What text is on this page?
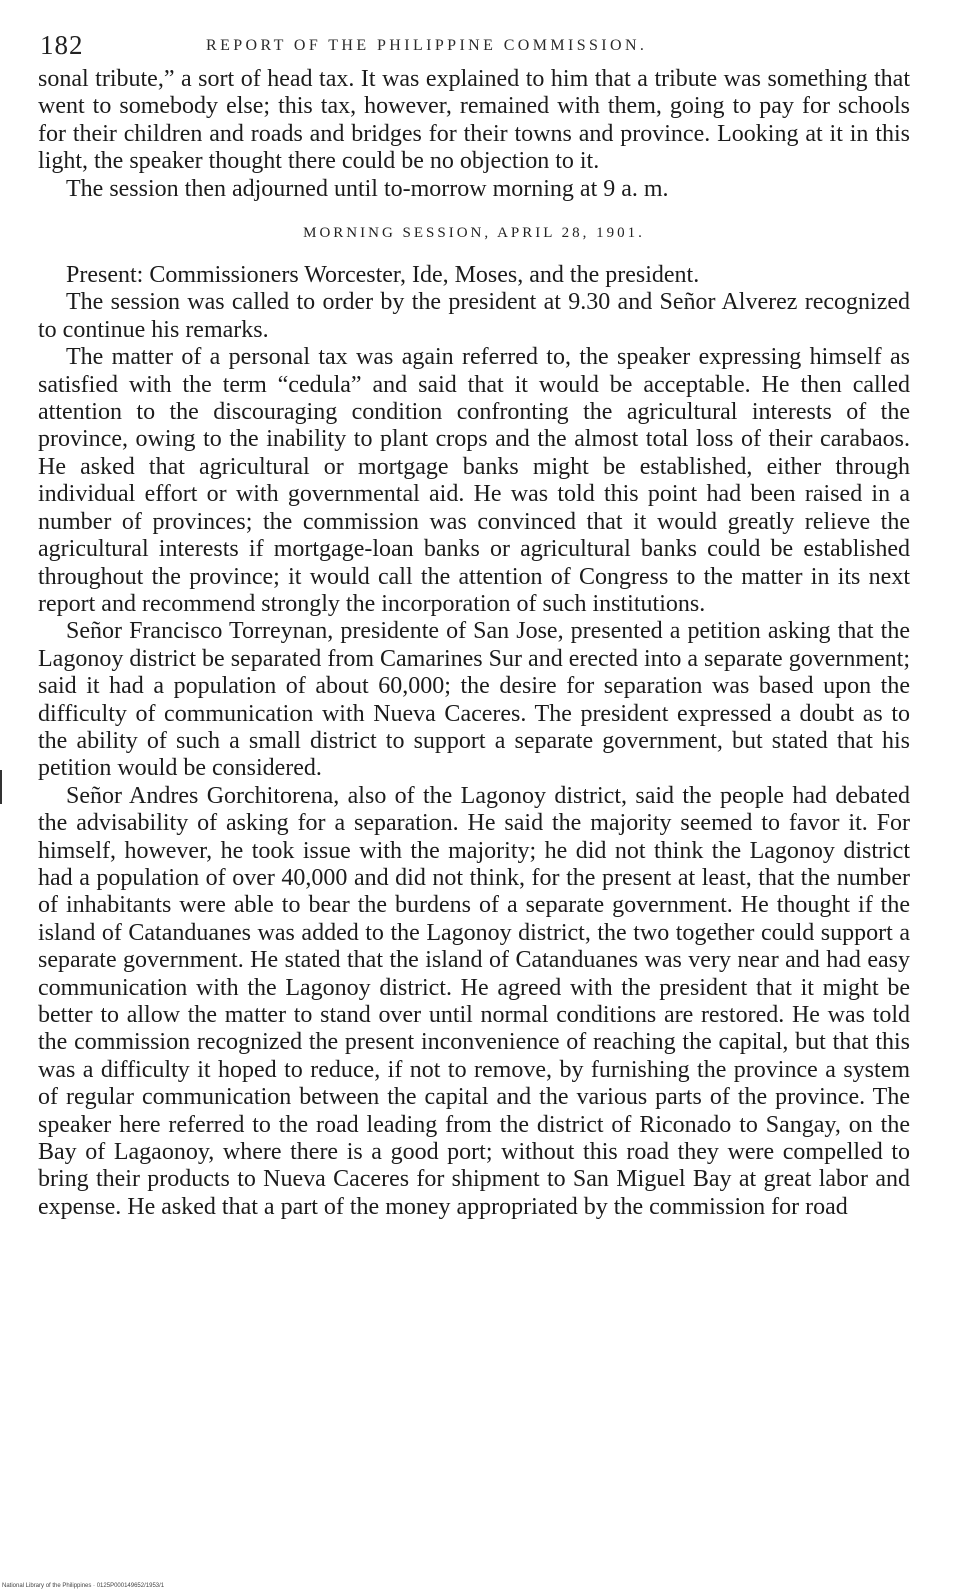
182	REPORT OF THE PHILIPPINE COMMISSION.

sonal tribute,” a sort of head tax. It was explained to him that a tribute was something that went to somebody else; this tax, however, remained with them, going to pay for schools for their children and roads and bridges for their towns and province. Looking at it in this light, the speaker thought there could be no objection to it.

The session then adjourned until to-morrow morning at 9 a. m.

MORNING SESSION, APRIL 28, 1901.

Present: Commissioners Worcester, Ide, Moses, and the president.

The session was called to order by the president at 9.30 and Señor Alverez recognized to continue his remarks.

The matter of a personal tax was again referred to, the speaker expressing himself as satisfied with the term “cedula” and said that it would be acceptable. He then called attention to the discouraging condition confronting the agricultural interests of the province, owing to the inability to plant crops and the almost total loss of their carabaos. He asked that agricultural or mortgage banks might be established, either through individual effort or with governmental aid. He was told this point had been raised in a number of provinces; the commission was convinced that it would greatly relieve the agricultural interests if mortgage-loan banks or agricultural banks could be established throughout the province; it would call the attention of Congress to the matter in its next report and recommend strongly the incorporation of such institutions.

Señor Francisco Torreynan, presidente of San Jose, presented a petition asking that the Lagonoy district be separated from Camarines Sur and erected into a separate government; said it had a population of about 60,000; the desire for separation was based upon the difficulty of communication with Nueva Caceres. The president expressed a doubt as to the ability of such a small district to support a separate government, but stated that his petition would be considered.

Señor Andres Gorchitorena, also of the Lagonoy district, said the people had debated the advisability of asking for a separation. He said the majority seemed to favor it. For himself, however, he took issue with the majority; he did not think the Lagonoy district had a population of over 40,000 and did not think, for the present at least, that the number of inhabitants were able to bear the burdens of a separate government. He thought if the island of Catanduanes was added to the Lagonoy district, the two together could support a separate government. He stated that the island of Catanduanes was very near and had easy communication with the Lagonoy district. He agreed with the president that it might be better to allow the matter to stand over until normal conditions are restored. He was told the commission recognized the present inconvenience of reaching the capital, but that this was a difficulty it hoped to reduce, if not to remove, by furnishing the province a system of regular communication between the capital and the various parts of the province. The speaker here referred to the road leading from the district of Riconado to Sangay, on the Bay of Lagaonoy, where there is a good port; without this road they were compelled to bring their products to Nueva Caceres for shipment to San Miguel Bay at great labor and expense. He asked that a part of the money appropriated by the commission for road

National Library of the Philippines · 0125P000149652/1953/1
